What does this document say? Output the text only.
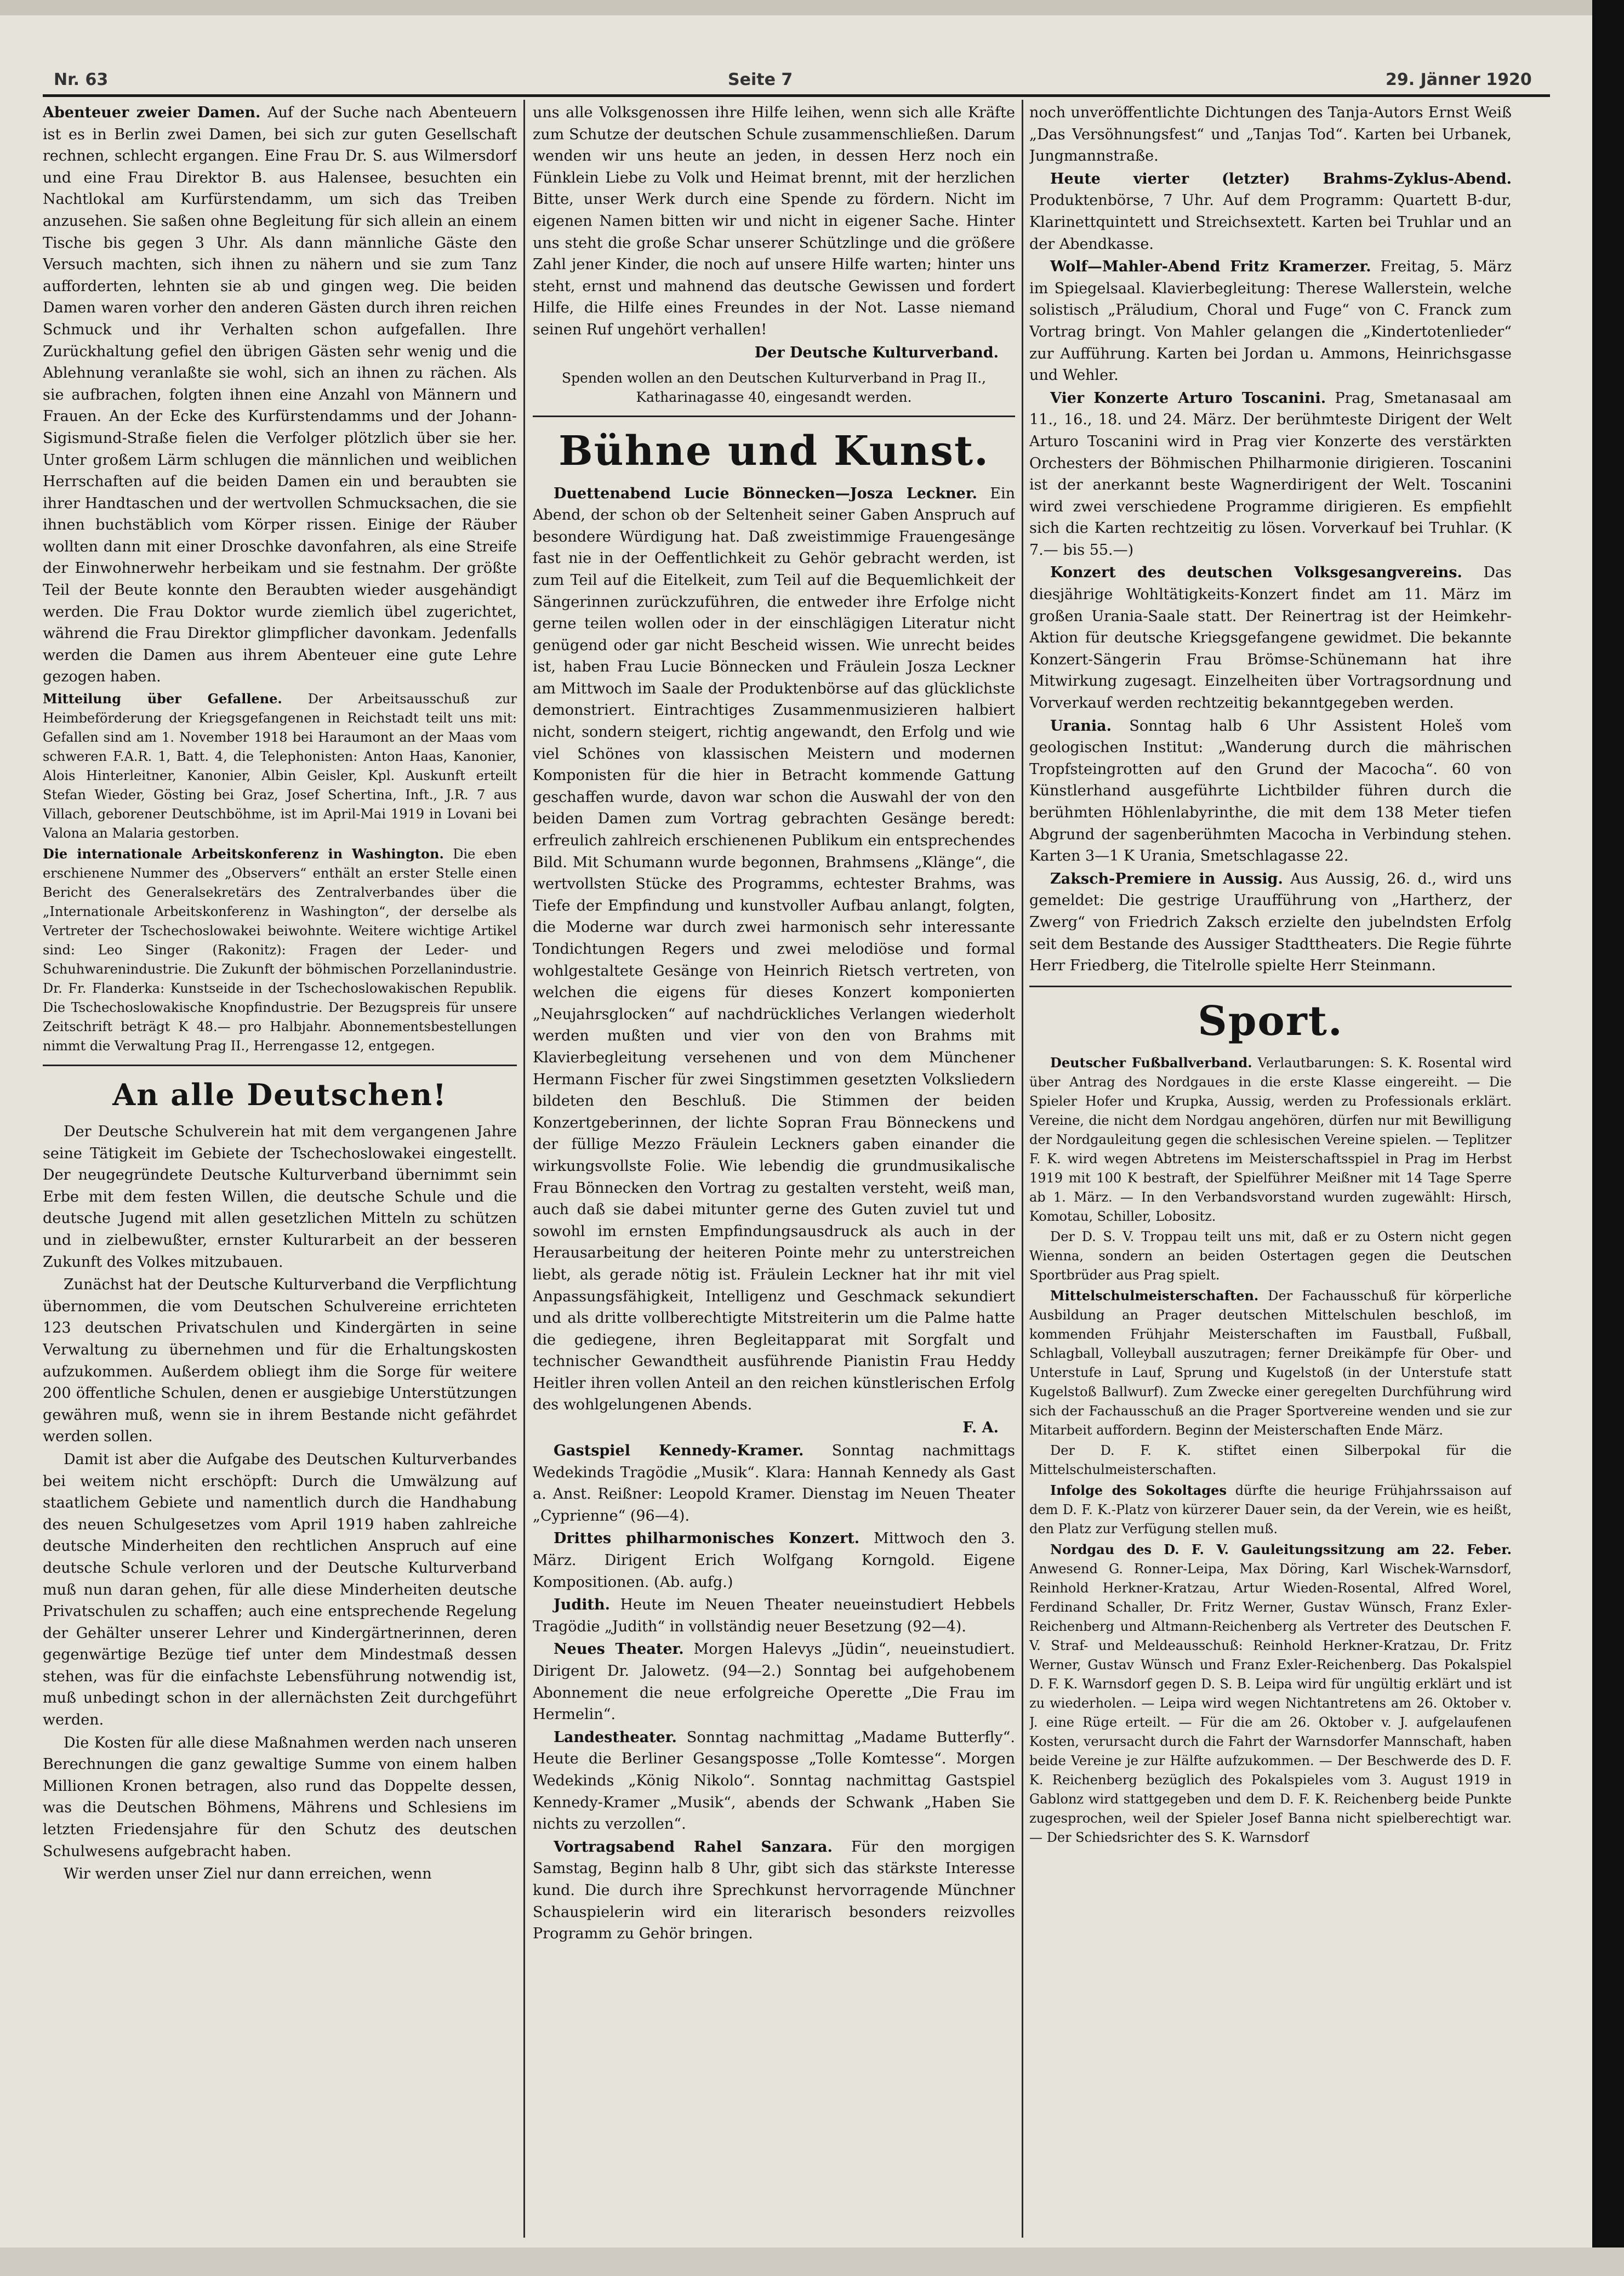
Nr. 63	Seite 7	29. Jänner 1920

Abenteuer zweier Damen. Auf der Suche nach Abenteuern ist es in Berlin zwei Damen, bei sich zur guten Gesellschaft rechnen, schlecht ergangen. Eine Frau Dr. S. aus Wilmersdorf und eine Frau Direktor B. aus Halensee, besuchten ein Nachtlokal am Kurfürstendamm, um sich das Treiben anzusehen. Sie saßen ohne Begleitung für sich allein an einem Tische bis gegen 3 Uhr. Als dann männliche Gäste den Versuch machten, sich ihnen zu nähern und sie zum Tanz aufforderten, lehnten sie ab und gingen weg. Die beiden Damen waren vorher den anderen Gästen durch ihren reichen Schmuck und ihr Verhalten schon aufgefallen. Ihre Zurückhaltung gefiel den übrigen Gästen sehr wenig und die Ablehnung veranlaßte sie wohl, sich an ihnen zu rächen. Als sie aufbrachen, folgten ihnen eine Anzahl von Männern und Frauen. An der Ecke des Kurfürstendamms und der Johann-Sigismund-Straße fielen die Verfolger plötzlich über sie her. Unter großem Lärm schlugen die männlichen und weiblichen Herrschaften auf die beiden Damen ein und beraubten sie ihrer Handtaschen und der wertvollen Schmucksachen, die sie ihnen buchstäblich vom Körper rissen. Einige der Räuber wollten dann mit einer Droschke davonfahren, als eine Streife der Einwohnerwehr herbeikam und sie festnahm. Der größte Teil der Beute konnte den Beraubten wieder ausgehändigt werden. Die Frau Doktor wurde ziemlich übel zugerichtet, während die Frau Direktor glimpflicher davonkam. Jedenfalls werden die Damen aus ihrem Abenteuer eine gute Lehre gezogen haben.

Mitteilung über Gefallene. Der Arbeitsausschuß zur Heimbeförderung der Kriegsgefangenen in Reichstadt teilt uns mit: Gefallen sind am 1. November 1918 bei Haraumont an der Maas vom schweren F.A.R. 1, Batt. 4, die Telephonisten: Anton Haas, Kanonier, Alois Hinterleitner, Kanonier, Albin Geisler, Kpl. Auskunft erteilt Stefan Wieder, Gösting bei Graz, Josef Schertina, Inft., J.R. 7 aus Villach, geborener Deutschböhme, ist im April-Mai 1919 in Lovani bei Valona an Malaria gestorben.

Die internationale Arbeitskonferenz in Washington. Die eben erschienene Nummer des „Observers“ enthält an erster Stelle einen Bericht des Generalsekretärs des Zentralverbandes über die „Internationale Arbeitskonferenz in Washington“, der derselbe als Vertreter der Tschechoslowakei beiwohnte. Weitere wichtige Artikel sind: Leo Singer (Rakonitz): Fragen der Leder- und Schuhwarenindustrie. Die Zukunft der böhmischen Porzellanindustrie. Dr. Fr. Flanderka: Kunstseide in der Tschechoslowakischen Republik. Die Tschechoslowakische Knopfindustrie. Der Bezugspreis für unsere Zeitschrift beträgt K 48.— pro Halbjahr. Abonnementsbestellungen nimmt die Verwaltung Prag II., Herrengasse 12, entgegen.

An alle Deutschen!

Der Deutsche Schulverein hat mit dem vergangenen Jahre seine Tätigkeit im Gebiete der Tschechoslowakei eingestellt. Der neugegründete Deutsche Kulturverband übernimmt sein Erbe mit dem festen Willen, die deutsche Schule und die deutsche Jugend mit allen gesetzlichen Mitteln zu schützen und in zielbewußter, ernster Kulturarbeit an der besseren Zukunft des Volkes mitzubauen.

Zunächst hat der Deutsche Kulturverband die Verpflichtung übernommen, die vom Deutschen Schulvereine errichteten 123 deutschen Privatschulen und Kindergärten in seine Verwaltung zu übernehmen und für die Erhaltungskosten aufzukommen. Außerdem obliegt ihm die Sorge für weitere 200 öffentliche Schulen, denen er ausgiebige Unterstützungen gewähren muß, wenn sie in ihrem Bestande nicht gefährdet werden sollen.

Damit ist aber die Aufgabe des Deutschen Kulturverbandes bei weitem nicht erschöpft: Durch die Umwälzung auf staatlichem Gebiete und namentlich durch die Handhabung des neuen Schulgesetzes vom April 1919 haben zahlreiche deutsche Minderheiten den rechtlichen Anspruch auf eine deutsche Schule verloren und der Deutsche Kulturverband muß nun daran gehen, für alle diese Minderheiten deutsche Privatschulen zu schaffen; auch eine entsprechende Regelung der Gehälter unserer Lehrer und Kindergärtnerinnen, deren gegenwärtige Bezüge tief unter dem Mindestmaß dessen stehen, was für die einfachste Lebensführung notwendig ist, muß unbedingt schon in der allernächsten Zeit durchgeführt werden.

Die Kosten für alle diese Maßnahmen werden nach unseren Berechnungen die ganz gewaltige Summe von einem halben Millionen Kronen betragen, also rund das Doppelte dessen, was die Deutschen Böhmens, Mährens und Schlesiens im letzten Friedensjahre für den Schutz des deutschen Schulwesens aufgebracht haben.

Wir werden unser Ziel nur dann erreichen, wenn

uns alle Volksgenossen ihre Hilfe leihen, wenn sich alle Kräfte zum Schutze der deutschen Schule zusammenschließen. Darum wenden wir uns heute an jeden, in dessen Herz noch ein Fünklein Liebe zu Volk und Heimat brennt, mit der herzlichen Bitte, unser Werk durch eine Spende zu fördern. Nicht im eigenen Namen bitten wir und nicht in eigener Sache. Hinter uns steht die große Schar unserer Schützlinge und die größere Zahl jener Kinder, die noch auf unsere Hilfe warten; hinter uns steht, ernst und mahnend das deutsche Gewissen und fordert Hilfe, die Hilfe eines Freundes in der Not. Lasse niemand seinen Ruf ungehört verhallen!

Der Deutsche Kulturverband.

Spenden wollen an den Deutschen Kulturverband in Prag II., Katharinagasse 40, eingesandt werden.

Bühne und Kunst.

Duettenabend Lucie Bönnecken—Josza Leckner. Ein Abend, der schon ob der Seltenheit seiner Gaben Anspruch auf besondere Würdigung hat. Daß zweistimmige Frauengesänge fast nie in der Oeffentlichkeit zu Gehör gebracht werden, ist zum Teil auf die Eitelkeit, zum Teil auf die Bequemlichkeit der Sängerinnen zurückzuführen, die entweder ihre Erfolge nicht gerne teilen wollen oder in der einschlägigen Literatur nicht genügend oder gar nicht Bescheid wissen. Wie unrecht beides ist, haben Frau Lucie Bönnecken und Fräulein Josza Leckner am Mittwoch im Saale der Produktenbörse auf das glücklichste demonstriert. Eintrachtiges Zusammenmusizieren halbiert nicht, sondern steigert, richtig angewandt, den Erfolg und wie viel Schönes von klassischen Meistern und modernen Komponisten für die hier in Betracht kommende Gattung geschaffen wurde, davon war schon die Auswahl der von den beiden Damen zum Vortrag gebrachten Gesänge beredt: erfreulich zahlreich erschienenen Publikum ein entsprechendes Bild. Mit Schumann wurde begonnen, Brahmsens „Klänge“, die wertvollsten Stücke des Programms, echtester Brahms, was Tiefe der Empfindung und kunstvoller Aufbau anlangt, folgten, die Moderne war durch zwei harmonisch sehr interessante Tondichtungen Regers und zwei melodiöse und formal wohlgestaltete Gesänge von Heinrich Rietsch vertreten, von welchen die eigens für dieses Konzert komponierten „Neujahrsglocken“ auf nachdrückliches Verlangen wiederholt werden mußten und vier von den von Brahms mit Klavierbegleitung versehenen und von dem Münchener Hermann Fischer für zwei Singstimmen gesetzten Volksliedern bildeten den Beschluß. Die Stimmen der beiden Konzertgeberinnen, der lichte Sopran Frau Bönneckens und der füllige Mezzo Fräulein Leckners gaben einander die wirkungsvollste Folie. Wie lebendig die grundmusikalische Frau Bönnecken den Vortrag zu gestalten versteht, weiß man, auch daß sie dabei mitunter gerne des Guten zuviel tut und sowohl im ernsten Empfindungsausdruck als auch in der Herausarbeitung der heiteren Pointe mehr zu unterstreichen liebt, als gerade nötig ist. Fräulein Leckner hat ihr mit viel Anpassungsfähigkeit, Intelligenz und Geschmack sekundiert und als dritte vollberechtigte Mitstreiterin um die Palme hatte die gediegene, ihren Begleitapparat mit Sorgfalt und technischer Gewandtheit ausführende Pianistin Frau Heddy Heitler ihren vollen Anteil an den reichen künstlerischen Erfolg des wohlgelungenen Abends.

F. A.

Gastspiel Kennedy-Kramer. Sonntag nachmittags Wedekinds Tragödie „Musik“. Klara: Hannah Kennedy als Gast a. Anst. Reißner: Leopold Kramer. Dienstag im Neuen Theater „Cyprienne“ (96—4).

Drittes philharmonisches Konzert. Mittwoch den 3. März. Dirigent Erich Wolfgang Korngold. Eigene Kompositionen. (Ab. aufg.)

Judith. Heute im Neuen Theater neueinstudiert Hebbels Tragödie „Judith“ in vollständig neuer Besetzung (92—4).

Neues Theater. Morgen Halevys „Jüdin“, neueinstudiert. Dirigent Dr. Jalowetz. (94—2.) Sonntag bei aufgehobenem Abonnement die neue erfolgreiche Operette „Die Frau im Hermelin“.

Landestheater. Sonntag nachmittag „Madame Butterfly“. Heute die Berliner Gesangsposse „Tolle Komtesse“. Morgen Wedekinds „König Nikolo“. Sonntag nachmittag Gastspiel Kennedy-Kramer „Musik“, abends der Schwank „Haben Sie nichts zu verzollen“.

Vortragsabend Rahel Sanzara. Für den morgigen Samstag, Beginn halb 8 Uhr, gibt sich das stärkste Interesse kund. Die durch ihre Sprechkunst hervorragende Münchner Schauspielerin wird ein literarisch besonders reizvolles Programm zu Gehör bringen.

noch unveröffentlichte Dichtungen des Tanja-Autors Ernst Weiß „Das Versöhnungsfest“ und „Tanjas Tod“. Karten bei Urbanek, Jungmannstraße.

Heute vierter (letzter) Brahms-Zyklus-Abend. Produktenbörse, 7 Uhr. Auf dem Programm: Quartett B-dur, Klarinettquintett und Streichsextett. Karten bei Truhlar und an der Abendkasse.

Wolf—Mahler-Abend Fritz Kramerzer. Freitag, 5. März im Spiegelsaal. Klavierbegleitung: Therese Wallerstein, welche solistisch „Präludium, Choral und Fuge“ von C. Franck zum Vortrag bringt. Von Mahler gelangen die „Kindertotenlieder“ zur Aufführung. Karten bei Jordan u. Ammons, Heinrichsgasse und Wehler.

Vier Konzerte Arturo Toscanini. Prag, Smetanasaal am 11., 16., 18. und 24. März. Der berühmteste Dirigent der Welt Arturo Toscanini wird in Prag vier Konzerte des verstärkten Orchesters der Böhmischen Philharmonie dirigieren. Toscanini ist der anerkannt beste Wagnerdirigent der Welt. Toscanini wird zwei verschiedene Programme dirigieren. Es empfiehlt sich die Karten rechtzeitig zu lösen. Vorverkauf bei Truhlar. (K 7.— bis 55.—)

Konzert des deutschen Volksgesangvereins. Das diesjährige Wohltätigkeits-Konzert findet am 11. März im großen Urania-Saale statt. Der Reinertrag ist der Heimkehr-Aktion für deutsche Kriegsgefangene gewidmet. Die bekannte Konzert-Sängerin Frau Brömse-Schünemann hat ihre Mitwirkung zugesagt. Einzelheiten über Vortragsordnung und Vorverkauf werden rechtzeitig bekanntgegeben werden.

Urania. Sonntag halb 6 Uhr Assistent Holeš vom geologischen Institut: „Wanderung durch die mährischen Tropfsteingrotten auf den Grund der Macocha“. 60 von Künstlerhand ausgeführte Lichtbilder führen durch die berühmten Höhlenlabyrinthe, die mit dem 138 Meter tiefen Abgrund der sagenberühmten Macocha in Verbindung stehen. Karten 3—1 K Urania, Smetschlagasse 22.

Zaksch-Premiere in Aussig. Aus Aussig, 26. d., wird uns gemeldet: Die gestrige Uraufführung von „Hartherz, der Zwerg“ von Friedrich Zaksch erzielte den jubelndsten Erfolg seit dem Bestande des Aussiger Stadttheaters. Die Regie führte Herr Friedberg, die Titelrolle spielte Herr Steinmann.

Sport.

Deutscher Fußballverband. Verlautbarungen: S. K. Rosental wird über Antrag des Nordgaues in die erste Klasse eingereiht. — Die Spieler Hofer und Krupka, Aussig, werden zu Professionals erklärt. Vereine, die nicht dem Nordgau angehören, dürfen nur mit Bewilligung der Nordgauleitung gegen die schlesischen Vereine spielen. — Teplitzer F. K. wird wegen Abtretens im Meisterschaftsspiel in Prag im Herbst 1919 mit 100 K bestraft, der Spielführer Meißner mit 14 Tage Sperre ab 1. März. — In den Verbandsvorstand wurden zugewählt: Hirsch, Komotau, Schiller, Lobositz.

Der D. S. V. Troppau teilt uns mit, daß er zu Ostern nicht gegen Wienna, sondern an beiden Ostertagen gegen die Deutschen Sportbrüder aus Prag spielt.

Mittelschulmeisterschaften. Der Fachausschuß für körperliche Ausbildung an Prager deutschen Mittelschulen beschloß, im kommenden Frühjahr Meisterschaften im Faustball, Fußball, Schlagball, Volleyball auszutragen; ferner Dreikämpfe für Ober- und Unterstufe in Lauf, Sprung und Kugelstoß (in der Unterstufe statt Kugelstoß Ballwurf). Zum Zwecke einer geregelten Durchführung wird sich der Fachausschuß an die Prager Sportvereine wenden und sie zur Mitarbeit auffordern. Beginn der Meisterschaften Ende März.

Der D. F. K. stiftet einen Silberpokal für die Mittelschulmeisterschaften.

Infolge des Sokoltages dürfte die heurige Frühjahrssaison auf dem D. F. K.-Platz von kürzerer Dauer sein, da der Verein, wie es heißt, den Platz zur Verfügung stellen muß.

Nordgau des D. F. V. Gauleitungssitzung am 22. Feber. Anwesend G. Ronner-Leipa, Max Döring, Karl Wischek-Warnsdorf, Reinhold Herkner-Kratzau, Artur Wieden-Rosental, Alfred Worel, Ferdinand Schaller, Dr. Fritz Werner, Gustav Wünsch, Franz Exler-Reichenberg und Altmann-Reichenberg als Vertreter des Deutschen F. V. Straf- und Meldeausschuß: Reinhold Herkner-Kratzau, Dr. Fritz Werner, Gustav Wünsch und Franz Exler-Reichenberg. Das Pokalspiel D. F. K. Warnsdorf gegen D. S. B. Leipa wird für ungültig erklärt und ist zu wiederholen. — Leipa wird wegen Nichtantretens am 26. Oktober v. J. eine Rüge erteilt. — Für die am 26. Oktober v. J. aufgelaufenen Kosten, verursacht durch die Fahrt der Warnsdorfer Mannschaft, haben beide Vereine je zur Hälfte aufzukommen. — Der Beschwerde des D. F. K. Reichenberg bezüglich des Pokalspieles vom 3. August 1919 in Gablonz wird stattgegeben und dem D. F. K. Reichenberg beide Punkte zugesprochen, weil der Spieler Josef Banna nicht spielberechtigt war. — Der Schiedsrichter des S. K. Warnsdorf
